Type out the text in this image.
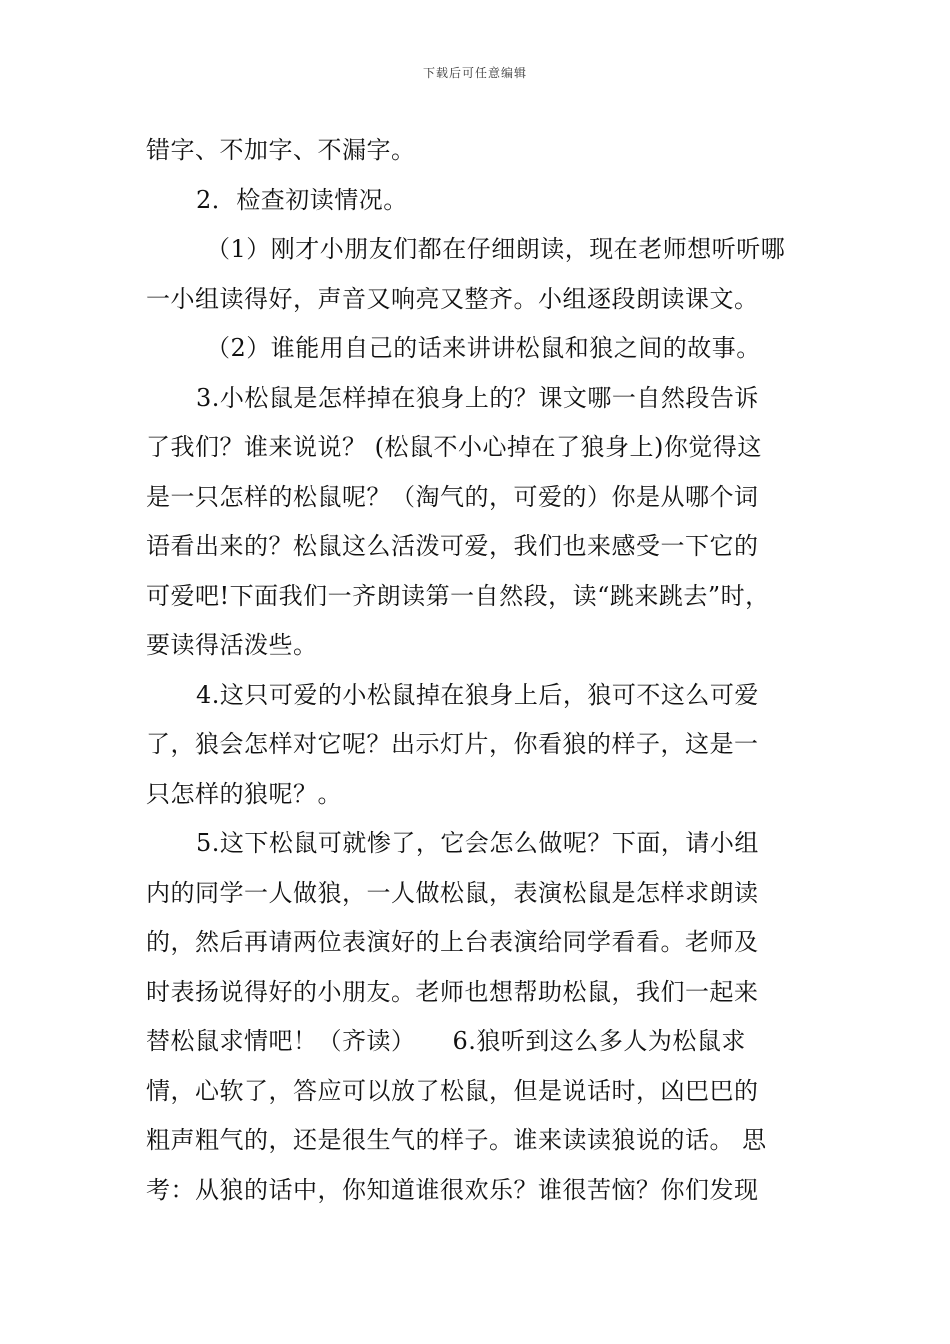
下载后可任意编辑
错字、不加字、不漏字。
2．检查初读情况。
（1）刚才小朋友们都在仔细朗读，现在老师想听听哪
一小组读得好，声音又响亮又整齐。小组逐段朗读课文。
（2）谁能用自己的话来讲讲松鼠和狼之间的故事。
3.小松鼠是怎样掉在狼身上的？课文哪一自然段告诉
了我们？谁来说说？ (松鼠不小心掉在了狼身上)你觉得这
是一只怎样的松鼠呢？（淘气的，可爱的）你是从哪个词
语看出来的？松鼠这么活泼可爱，我们也来感受一下它的
可爱吧!下面我们一齐朗读第一自然段，读“跳来跳去”时，
要读得活泼些。
4.这只可爱的小松鼠掉在狼身上后，狼可不这么可爱
了，狼会怎样对它呢？出示灯片，你看狼的样子，这是一
只怎样的狼呢？。
5.这下松鼠可就惨了，它会怎么做呢？下面，请小组
内的同学一人做狼，一人做松鼠，表演松鼠是怎样求朗读
的，然后再请两位表演好的上台表演给同学看看。老师及
时表扬说得好的小朋友。老师也想帮助松鼠，我们一起来
替松鼠求情吧！（齐读）　　6.狼听到这么多人为松鼠求
情，心软了，答应可以放了松鼠，但是说话时，凶巴巴的
粗声粗气的，还是很生气的样子。谁来读读狼说的话。 思
考：从狼的话中，你知道谁很欢乐？谁很苦恼？你们发现
